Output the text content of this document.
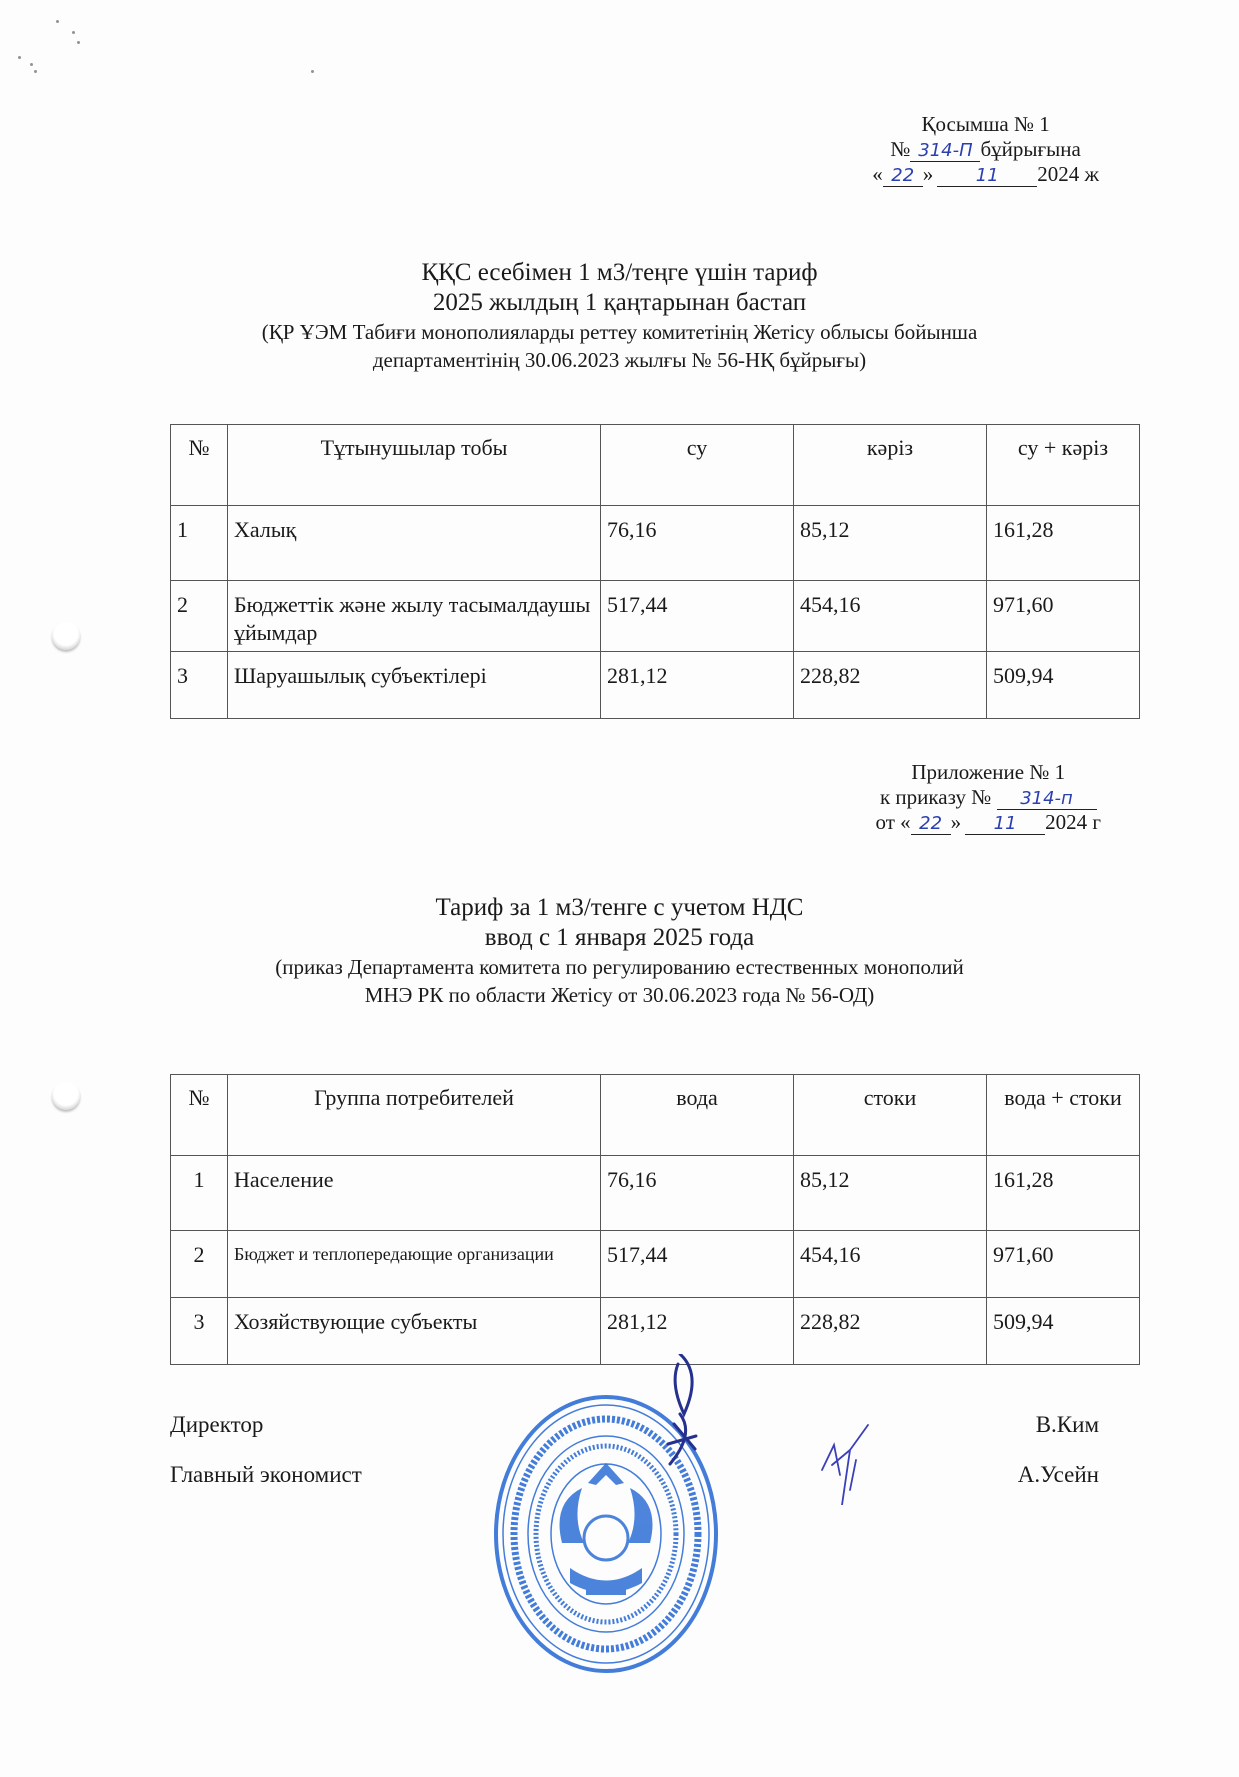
Қосымша № 1
№ 314-П бұйрығына
« 22 » 11 2024 ж
ҚҚС есебімен 1 м3/теңге үшін тариф
2025 жылдың 1 қаңтарынан бастап
(ҚР ҰЭМ Табиғи монополияларды реттеу комитетінің Жетісу облысы бойынша
департаментінің 30.06.2023 жылғы № 56-НҚ бұйрығы)
№	Тұтынушылар тобы	су	кәріз	су + кәріз
1	Халық	76,16	85,12	161,28
2	Бюджеттік және жылу тасымалдаушы ұйымдар	517,44	454,16	971,60
3	Шаруашылық субъектілері	281,12	228,82	509,94
Приложение № 1
к приказу № 314-п
от « 22 » 11 2024 г
Тариф за 1 м3/тенге с учетом НДС
ввод с 1 января 2025 года
(приказ Департамента комитета по регулированию естественных монополий
МНЭ РК по области Жетісу от 30.06.2023 года № 56-ОД)
№	Группа потребителей	вода	стоки	вода + стоки
1	Население	76,16	85,12	161,28
2	Бюджет и теплопередающие организации	517,44	454,16	971,60
3	Хозяйствующие субъекты	281,12	228,82	509,94
Директор	В.Ким
Главный экономист	А.Усейн
